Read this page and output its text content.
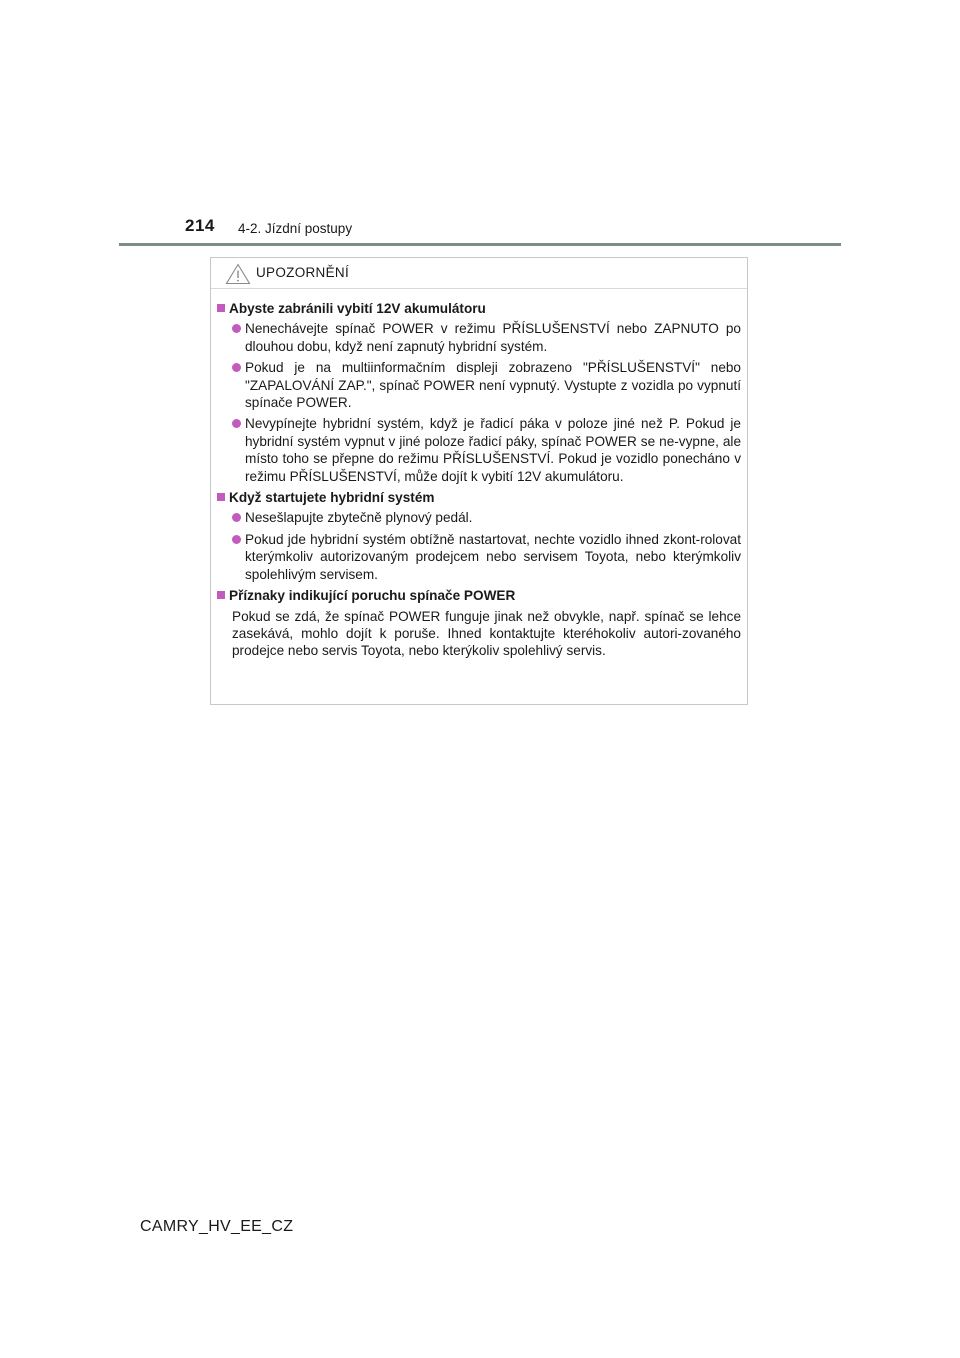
214 4-2. Jízdní postupy
UPOZORNĚNÍ
Abyste zabránili vybití 12V akumulátoru
Nenechávejte spínač POWER v režimu PŘÍSLUŠENSTVÍ nebo ZAPNUTO po dlouhou dobu, když není zapnutý hybridní systém.
Pokud je na multiinformačním displeji zobrazeno "PŘÍSLUŠENSTVÍ" nebo "ZAPALOVÁNÍ ZAP.", spínač POWER není vypnutý. Vystupte z vozidla po vypnutí spínače POWER.
Nevypínejte hybridní systém, když je řadicí páka v poloze jiné než P. Pokud je hybridní systém vypnut v jiné poloze řadicí páky, spínač POWER se ne-vypne, ale místo toho se přepne do režimu PŘÍSLUŠENSTVÍ. Pokud je vozidlo ponecháno v režimu PŘÍSLUŠENSTVÍ, může dojít k vybití 12V akumulátoru.
Když startujete hybridní systém
Nesešlapujte zbytečně plynový pedál.
Pokud jde hybridní systém obtížně nastartovat, nechte vozidlo ihned zkont-rolovat kterýmkoliv autorizovaným prodejcem nebo servisem Toyota, nebo kterýmkoliv spolehlivým servisem.
Příznaky indikující poruchu spínače POWER
Pokud se zdá, že spínač POWER funguje jinak než obvykle, např. spínač se lehce zasekává, mohlo dojít k poruše. Ihned kontaktujte kteréhokoliv autori-zovaného prodejce nebo servis Toyota, nebo kterýkoliv spolehlivý servis.
CAMRY_HV_EE_CZ
